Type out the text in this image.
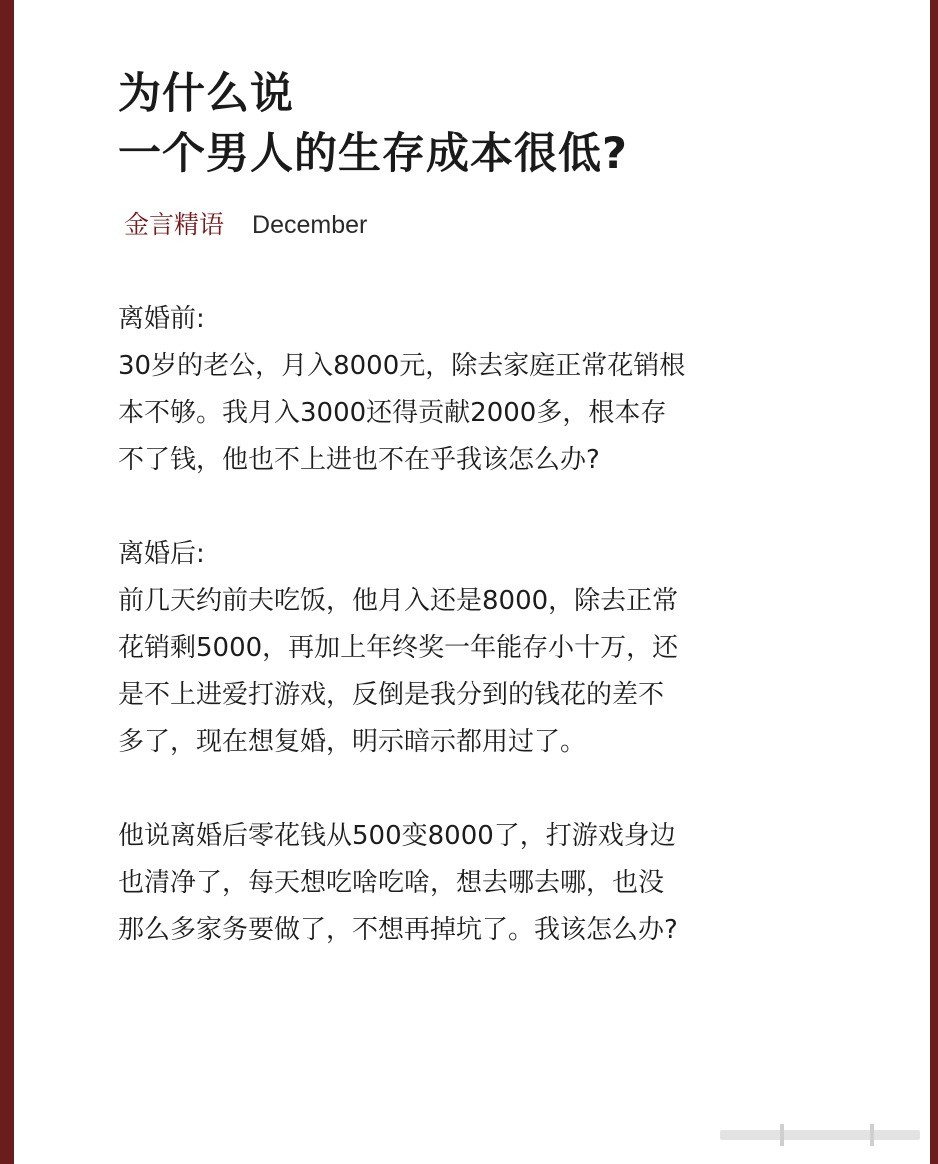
为什么说
一个男人的生存成本很低?
金言精语 December

离婚前:
30岁的老公，月入8000元，除去家庭正常花销根
本不够。我月入3000还得贡献2000多，根本存
不了钱，他也不上进也不在乎我该怎么办?

离婚后:
前几天约前夫吃饭，他月入还是8000，除去正常
花销剩5000，再加上年终奖一年能存小十万，还
是不上进爱打游戏，反倒是我分到的钱花的差不
多了，现在想复婚，明示暗示都用过了。

他说离婚后零花钱从500变8000了，打游戏身边
也清净了，每天想吃啥吃啥，想去哪去哪，也没
那么多家务要做了，不想再掉坑了。我该怎么办?
